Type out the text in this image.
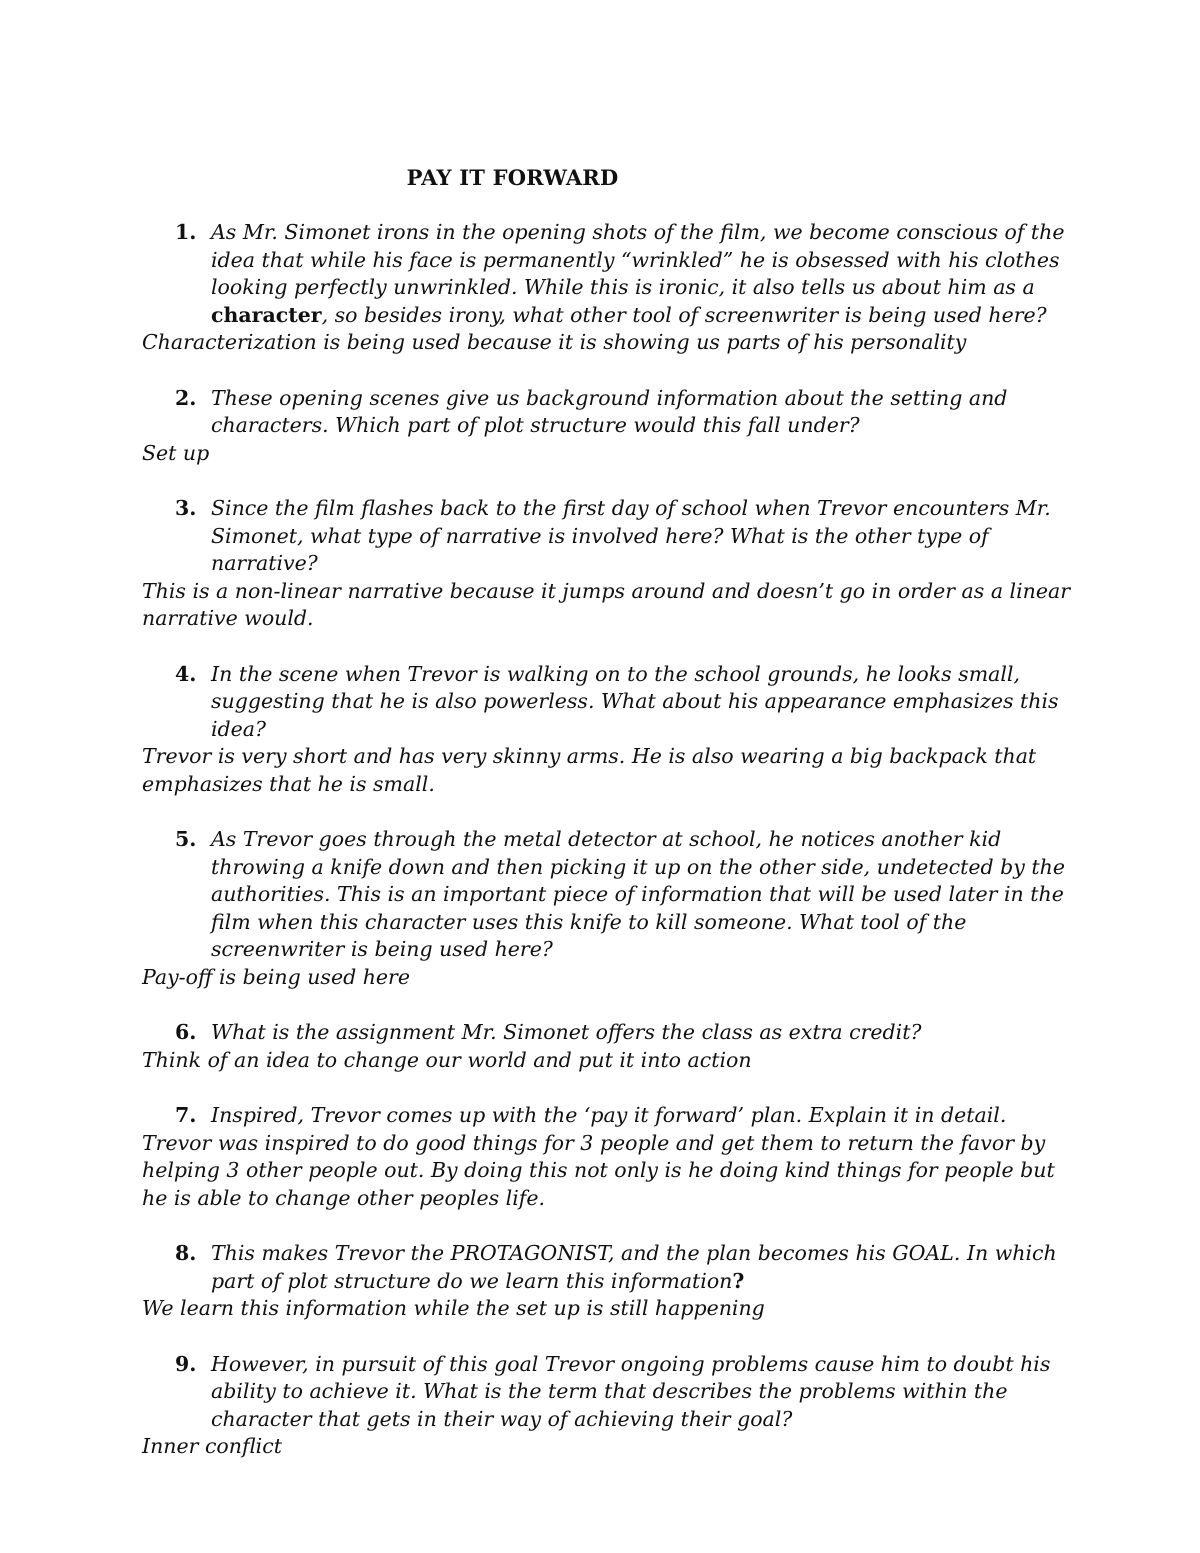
PAY IT FORWARD
1. As Mr. Simonet irons in the opening shots of the film, we become conscious of the idea that while his face is permanently “wrinkled” he is obsessed with his clothes looking perfectly unwrinkled. While this is ironic, it also tells us about him as a character, so besides irony, what other tool of screenwriter is being used here?
Characterization is being used because it is showing us parts of his personality
2. These opening scenes give us background information about the setting and characters. Which part of plot structure would this fall under?
Set up
3. Since the film flashes back to the first day of school when Trevor encounters Mr. Simonet, what type of narrative is involved here? What is the other type of narrative?
This is a non-linear narrative because it jumps around and doesn’t go in order as a linear narrative would.
4. In the scene when Trevor is walking on to the school grounds, he looks small, suggesting that he is also powerless. What about his appearance emphasizes this idea?
Trevor is very short and has very skinny arms. He is also wearing a big backpack that emphasizes that he is small.
5. As Trevor goes through the metal detector at school, he notices another kid throwing a knife down and then picking it up on the other side, undetected by the authorities. This is an important piece of information that will be used later in the film when this character uses this knife to kill someone. What tool of the screenwriter is being used here?
Pay-off is being used here
6. What is the assignment Mr. Simonet offers the class as extra credit?
Think of an idea to change our world and put it into action
7. Inspired, Trevor comes up with the ‘pay it forward’ plan. Explain it in detail.
Trevor was inspired to do good things for 3 people and get them to return the favor by helping 3 other people out. By doing this not only is he doing kind things for people but he is able to change other peoples life.
8. This makes Trevor the PROTAGONIST, and the plan becomes his GOAL. In which part of plot structure do we learn this information?
We learn this information while the set up is still happening
9. However, in pursuit of this goal Trevor ongoing problems cause him to doubt his ability to achieve it. What is the term that describes the problems within the character that gets in their way of achieving their goal?
Inner conflict
